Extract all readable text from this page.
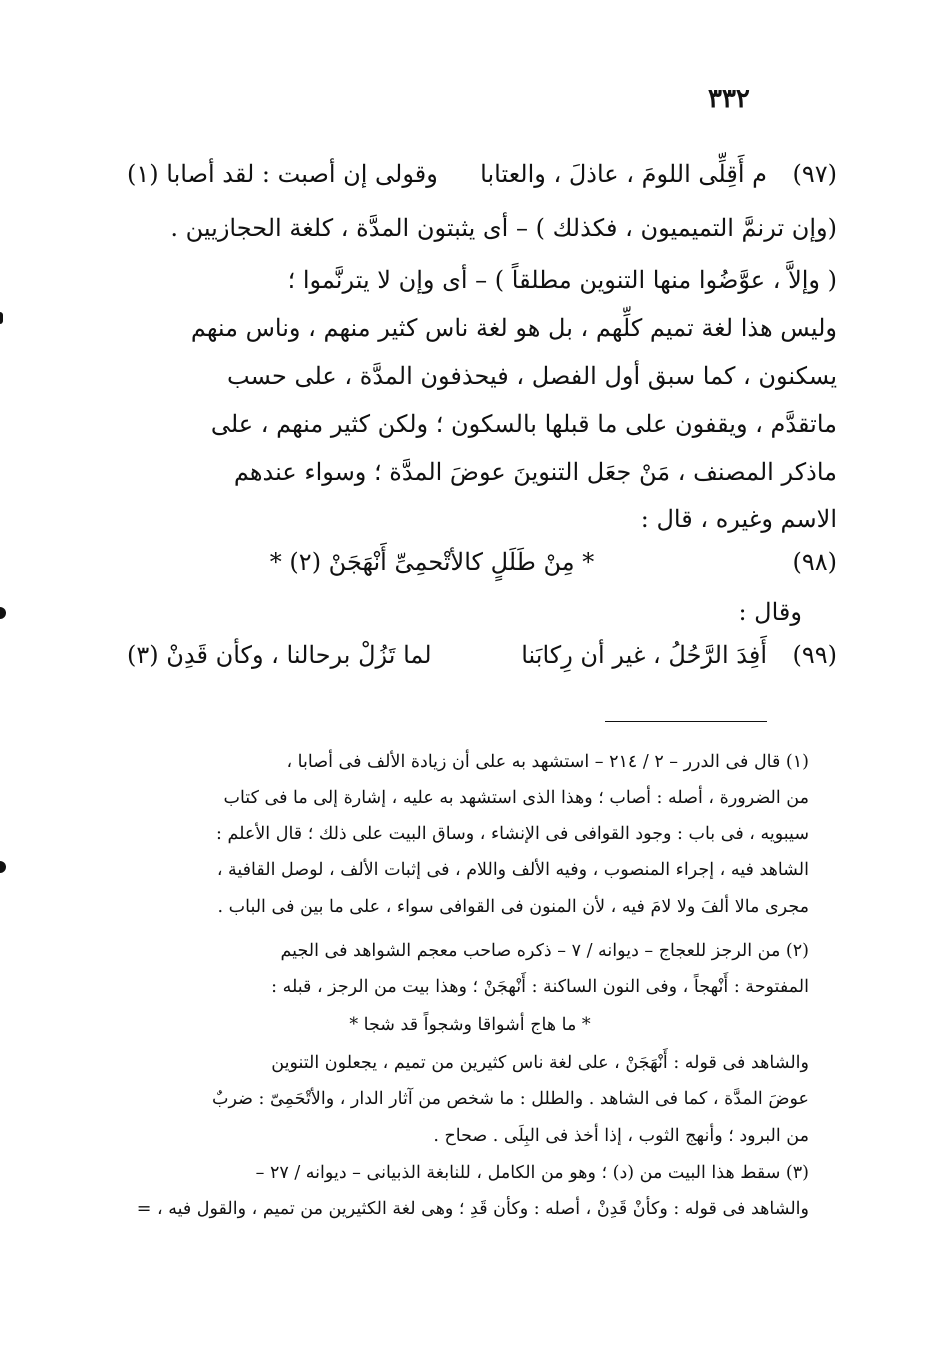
٣٣٢
(٩٧)
م أَقِلِّى اللومَ ، عاذلَ ، والعتابا
وقولى إن أصبت : لقد أصابا (١)
(وإن ترنمَّ التميميون ، فكذلك ) – أى يثبتون المدَّة ، كلغة الحجازيين .
( وإلاَّ ، عوَّضُوا منها التنوين مطلقاً ) – أى وإن لا يترنَّموا ؛
وليس هذا لغة تميم كلِّهم ، بل هو لغة ناس كثير منهم ، وناس منهم
يسكنون ، كما سبق أول الفصل ، فيحذفون المدَّة ، على حسب
ماتقدَّم ، ويقفون على ما قبلها بالسكون ؛ ولكن كثير منهم ، على
ماذكر المصنف ، مَنْ جعَل التنوينَ عوضَ المدَّة ؛ وسواء عندهم
الاسم وغيره ، قال :
(٩٨)
* مِنْ طَلَلٍ كالأتْحمِىِّ أَنْهَجَنْ (٢) *
وقال :
(٩٩)
أَفِدَ الرَّحُلُ ، غير أن رِكابَنا
لما تَزُلْ برحالنا ، وكأن قَدِنْ (٣)
(١) قال فى الدرر – ٢ / ٢١٤ – استشهد به على أن زيادة الألف فى أصابا ،
من الضرورة ، أصله : أصاب ؛ وهذا الذى استشهد به عليه ، إشارة إلى ما فى كتاب
سيبويه ، فى باب : وجود القوافى فى الإنشاء ، وساق البيت على ذلك ؛ قال الأعلم :
الشاهد فيه ، إجراء المنصوب ، وفيه الألف واللام ، فى إثبات الألف ، لوصل القافية ،
مجرى مالا ألفَ ولا لامَ فيه ، لأن المنون فى القوافى سواء ، على ما بين فى الباب .
(٢) من الرجز للعجاج – ديوانه / ٧ – ذكره صاحب معجم الشواهد فى الجيم
المفتوحة : أَنْهجاً ، وفى النون الساكنة : أَنْهجَنْ ؛ وهذا بيت من الرجز ، قبله :
* ما هاج أشواقا وشجواً قد شجا *
والشاهد فى قوله : أَنْهَجَنْ ، على لغة ناس كثيرين من تميم ، يجعلون التنوين
عوضَ المدَّة ، كما فى الشاهد . والطلل : ما شخص من آثار الدار ، والأتْحَمِىّ : ضربٌ
من البرود ؛ وأنهج الثوب ، إذا أخذ فى البِلَى . صحاح .
(٣) سقط هذا البيت من (د) ؛ وهو من الكامل ، للنابغة الذبيانى – ديوانه / ٢٧ –
والشاهد فى قوله : وكأنْ قَدِنْ ، أصله : وكأن قَدِ ؛ وهى لغة الكثيرين من تميم ، والقول فيه ، =
